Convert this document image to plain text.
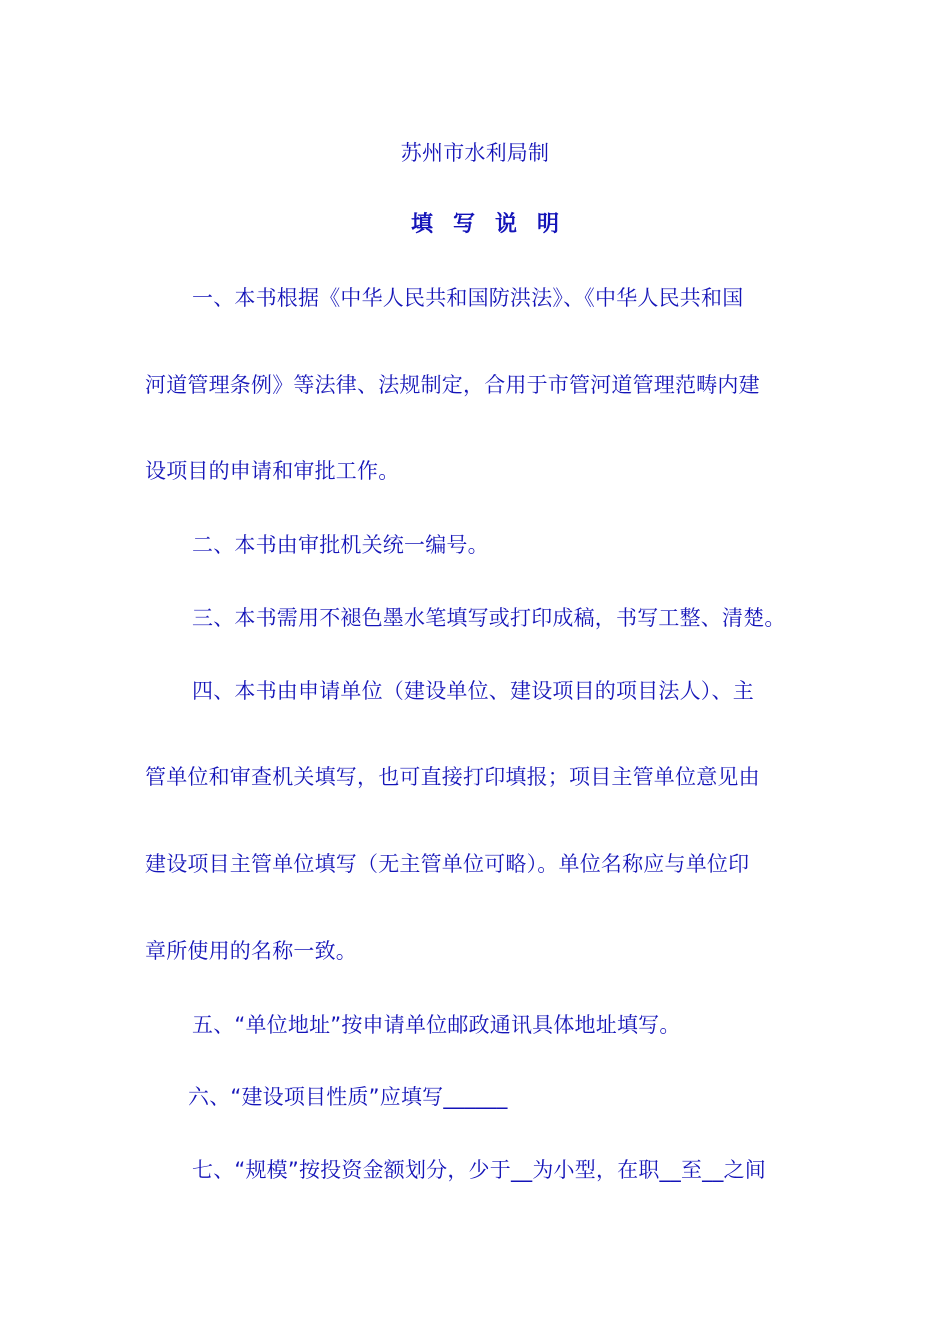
苏州市水利局制
填写说明
一、本书根据《中华人民共和国防洪法》、《中华人民共和国
河道管理条例》等法律、法规制定，合用于市管河道管理范畴内建
设项目的申请和审批工作。
二、本书由审批机关统一编号。
三、本书需用不褪色墨水笔填写或打印成稿，书写工整、清楚。
四、本书由申请单位（建设单位、建设项目的项目法人）、主
管单位和审查机关填写，也可直接打印填报；项目主管单位意见由
建设项目主管单位填写（无主管单位可略）。单位名称应与单位印
章所使用的名称一致。
五、“单位地址”按申请单位邮政通讯具体地址填写。
六、“建设项目性质”应填写______
七、“规模”按投资金额划分，少于__为小型，在职__至__之间
